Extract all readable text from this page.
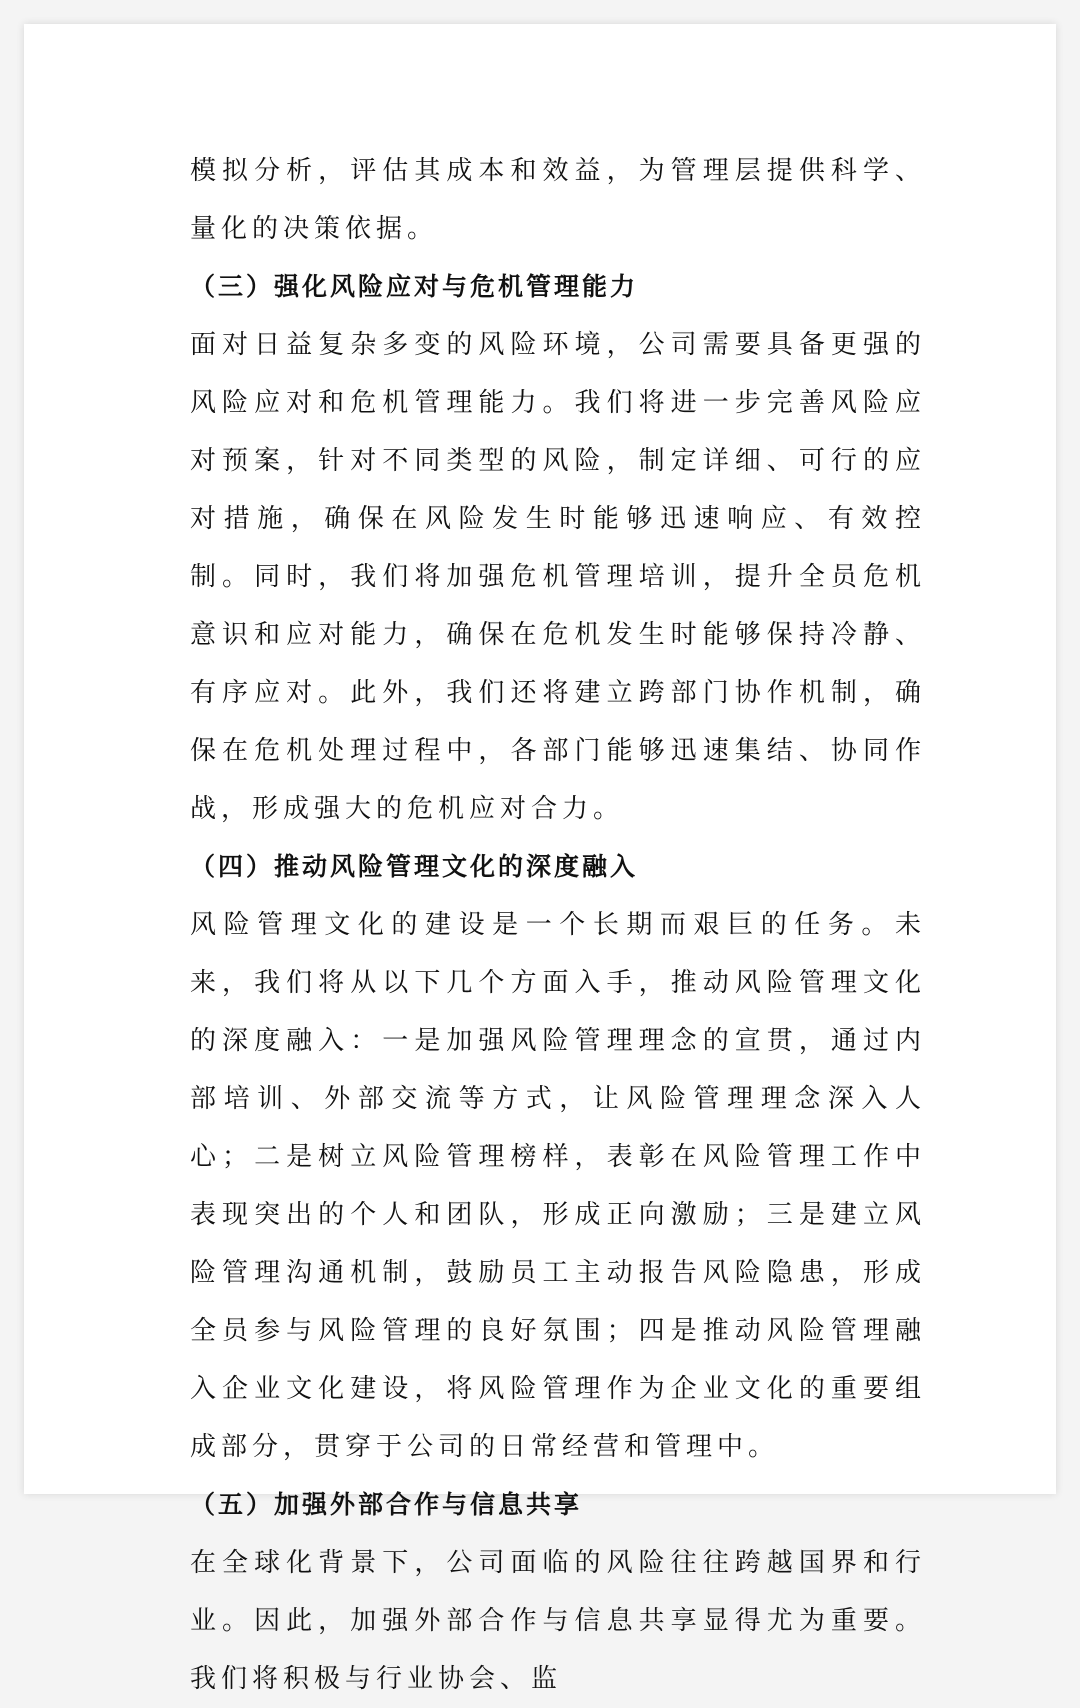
模拟分析，评估其成本和效益，为管理层提供科学、量化的决策依据。

（三）强化风险应对与危机管理能力

面对日益复杂多变的风险环境，公司需要具备更强的风险应对和危机管理能力。我们将进一步完善风险应对预案，针对不同类型的风险，制定详细、可行的应对措施，确保在风险发生时能够迅速响应、有效控制。同时，我们将加强危机管理培训，提升全员危机意识和应对能力，确保在危机发生时能够保持冷静、有序应对。此外，我们还将建立跨部门协作机制，确保在危机处理过程中，各部门能够迅速集结、协同作战，形成强大的危机应对合力。

（四）推动风险管理文化的深度融入

风险管理文化的建设是一个长期而艰巨的任务。未来，我们将从以下几个方面入手，推动风险管理文化的深度融入：一是加强风险管理理念的宣贯，通过内部培训、外部交流等方式，让风险管理理念深入人心；二是树立风险管理榜样，表彰在风险管理工作中表现突出的个人和团队，形成正向激励；三是建立风险管理沟通机制，鼓励员工主动报告风险隐患，形成全员参与风险管理的良好氛围；四是推动风险管理融入企业文化建设，将风险管理作为企业文化的重要组成部分，贯穿于公司的日常经营和管理中。

（五）加强外部合作与信息共享

在全球化背景下，公司面临的风险往往跨越国界和行业。因此，加强外部合作与信息共享显得尤为重要。我们将积极与行业协会、监
